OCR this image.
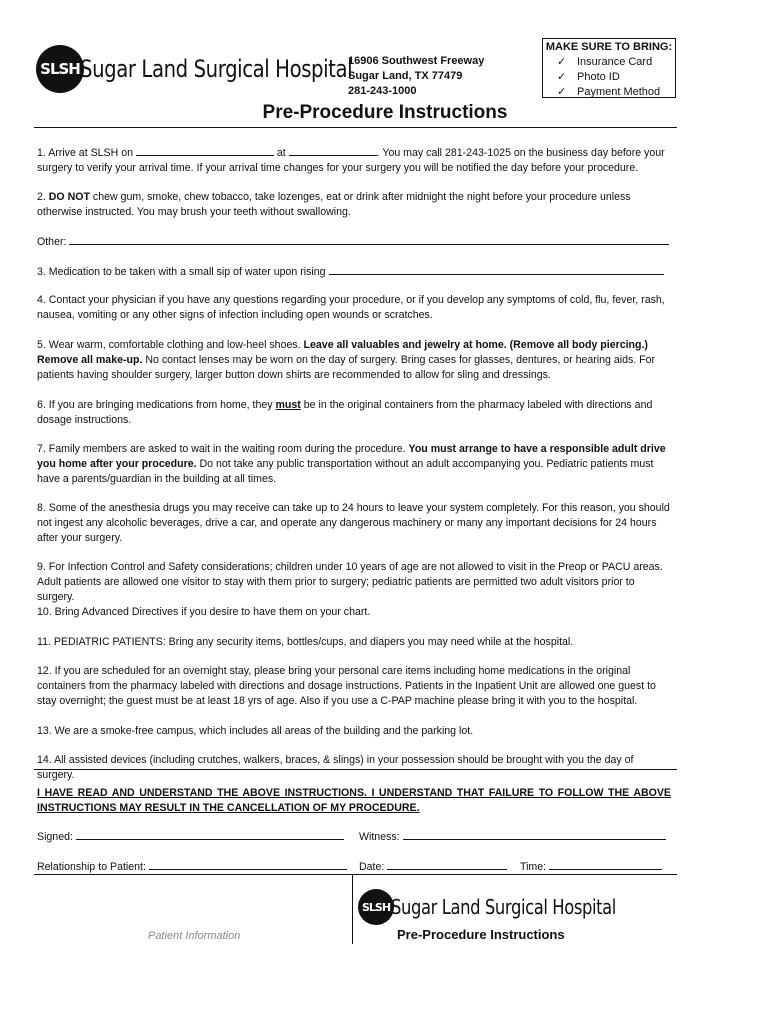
SLSH Sugar Land Surgical Hospital
16906 Southwest Freeway
Sugar Land, TX 77479
281-243-1000
MAKE SURE TO BRING:
✓ Insurance Card
✓ Photo ID
✓ Payment Method
Pre-Procedure Instructions
1. Arrive at SLSH on	at	. You may call 281-243-1025 on the business day before your surgery to verify your arrival time. If your arrival time changes for your surgery you will be notified the day before your procedure.
2. DO NOT chew gum, smoke, chew tobacco, take lozenges, eat or drink after midnight the night before your procedure unless otherwise instructed. You may brush your teeth without swallowing.
Other:
3. Medication to be taken with a small sip of water upon rising
4. Contact your physician if you have any questions regarding your procedure, or if you develop any symptoms of cold, flu, fever, rash, nausea, vomiting or any other signs of infection including open wounds or scratches.
5. Wear warm, comfortable clothing and low-heel shoes. Leave all valuables and jewelry at home. (Remove all body piercing.) Remove all make-up. No contact lenses may be worn on the day of surgery. Bring cases for glasses, dentures, or hearing aids. For patients having shoulder surgery, larger button down shirts are recommended to allow for sling and dressings.
6. If you are bringing medications from home, they must be in the original containers from the pharmacy labeled with directions and dosage instructions.
7. Family members are asked to wait in the waiting room during the procedure. You must arrange to have a responsible adult drive you home after your procedure. Do not take any public transportation without an adult accompanying you. Pediatric patients must have a parents/guardian in the building at all times.
8. Some of the anesthesia drugs you may receive can take up to 24 hours to leave your system completely. For this reason, you should not ingest any alcoholic beverages, drive a car, and operate any dangerous machinery or many any important decisions for 24 hours after your surgery.
9. For Infection Control and Safety considerations; children under 10 years of age are not allowed to visit in the Preop or PACU areas. Adult patients are allowed one visitor to stay with them prior to surgery; pediatric patients are permitted two adult visitors prior to surgery.
10. Bring Advanced Directives if you desire to have them on your chart.
11. PEDIATRIC PATIENTS: Bring any security items, bottles/cups, and diapers you may need while at the hospital.
12. If you are scheduled for an overnight stay, please bring your personal care items including home medications in the original containers from the pharmacy labeled with directions and dosage instructions. Patients in the Inpatient Unit are allowed one guest to stay overnight; the guest must be at least 18 yrs of age. Also if you use a C-PAP machine please bring it with you to the hospital.
13. We are a smoke-free campus, which includes all areas of the building and the parking lot.
14. All assisted devices (including crutches, walkers, braces, & slings) in your possession should be brought with you the day of surgery.
I HAVE READ AND UNDERSTAND THE ABOVE INSTRUCTIONS. I UNDERSTAND THAT FAILURE TO FOLLOW THE ABOVE INSTRUCTIONS MAY RESULT IN THE CANCELLATION OF MY PROCEDURE.
Signed:	Witness:
Relationship to Patient:	Date:	Time:
Patient Information
SLSH Sugar Land Surgical Hospital
Pre-Procedure Instructions
